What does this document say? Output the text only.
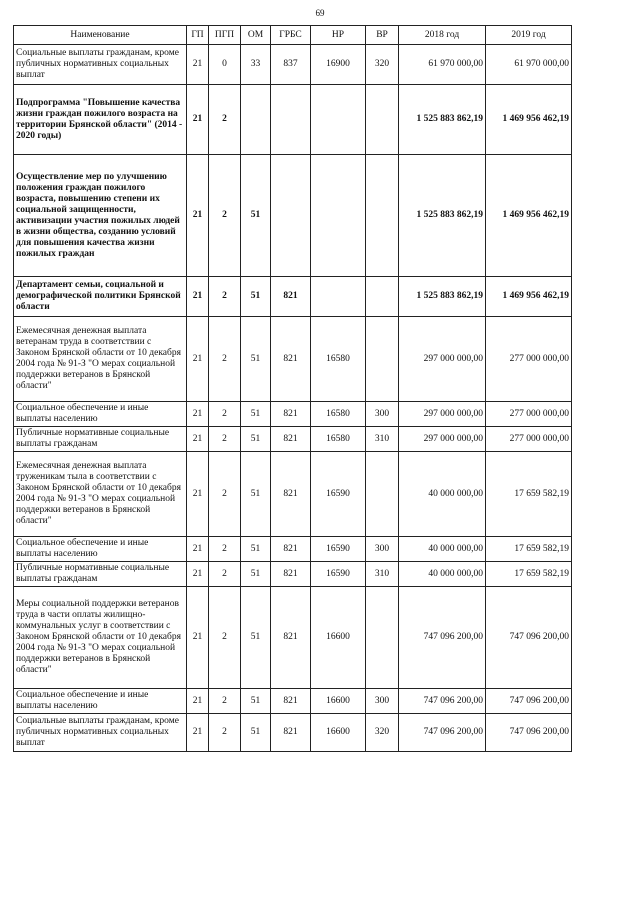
69
Наименование	ГП	ПГП	ОМ	ГРБС	НР	ВР	2018 год	2019 год
Социальные выплаты гражданам, кроме публичных нормативных социальных выплат	21	0	33	837	16900	320	61 970 000,00	61 970 000,00
Подпрограмма "Повышение качества жизни граждан пожилого возраста на территории Брянской области" (2014 - 2020 годы)	21	2					1 525 883 862,19	1 469 956 462,19
Осуществление мер по улучшению положения граждан пожилого возраста, повышению степени их социальной защищенности, активизации участия пожилых людей в жизни общества, созданию условий для повышения качества жизни пожилых граждан	21	2	51				1 525 883 862,19	1 469 956 462,19
Департамент семьи, социальной и демографической политики Брянской области	21	2	51	821			1 525 883 862,19	1 469 956 462,19
Ежемесячная денежная выплата ветеранам труда в соответствии с Законом Брянской области от 10 декабря 2004 года № 91-З "О мерах социальной поддержки ветеранов в Брянской области"	21	2	51	821	16580		297 000 000,00	277 000 000,00
Социальное обеспечение и иные выплаты населению	21	2	51	821	16580	300	297 000 000,00	277 000 000,00
Публичные нормативные социальные выплаты гражданам	21	2	51	821	16580	310	297 000 000,00	277 000 000,00
Ежемесячная денежная выплата труженикам тыла в соответствии с Законом Брянской области от 10 декабря 2004 года № 91-З "О мерах социальной поддержки ветеранов в Брянской области"	21	2	51	821	16590		40 000 000,00	17 659 582,19
Социальное обеспечение и иные выплаты населению	21	2	51	821	16590	300	40 000 000,00	17 659 582,19
Публичные нормативные социальные выплаты гражданам	21	2	51	821	16590	310	40 000 000,00	17 659 582,19
Меры социальной поддержки ветеранов труда в части оплаты жилищно-коммунальных услуг в соответствии с Законом Брянской области от 10 декабря 2004 года № 91-З "О мерах социальной поддержки ветеранов в Брянской области"	21	2	51	821	16600		747 096 200,00	747 096 200,00
Социальное обеспечение и иные выплаты населению	21	2	51	821	16600	300	747 096 200,00	747 096 200,00
Социальные выплаты гражданам, кроме публичных нормативных социальных выплат	21	2	51	821	16600	320	747 096 200,00	747 096 200,00
